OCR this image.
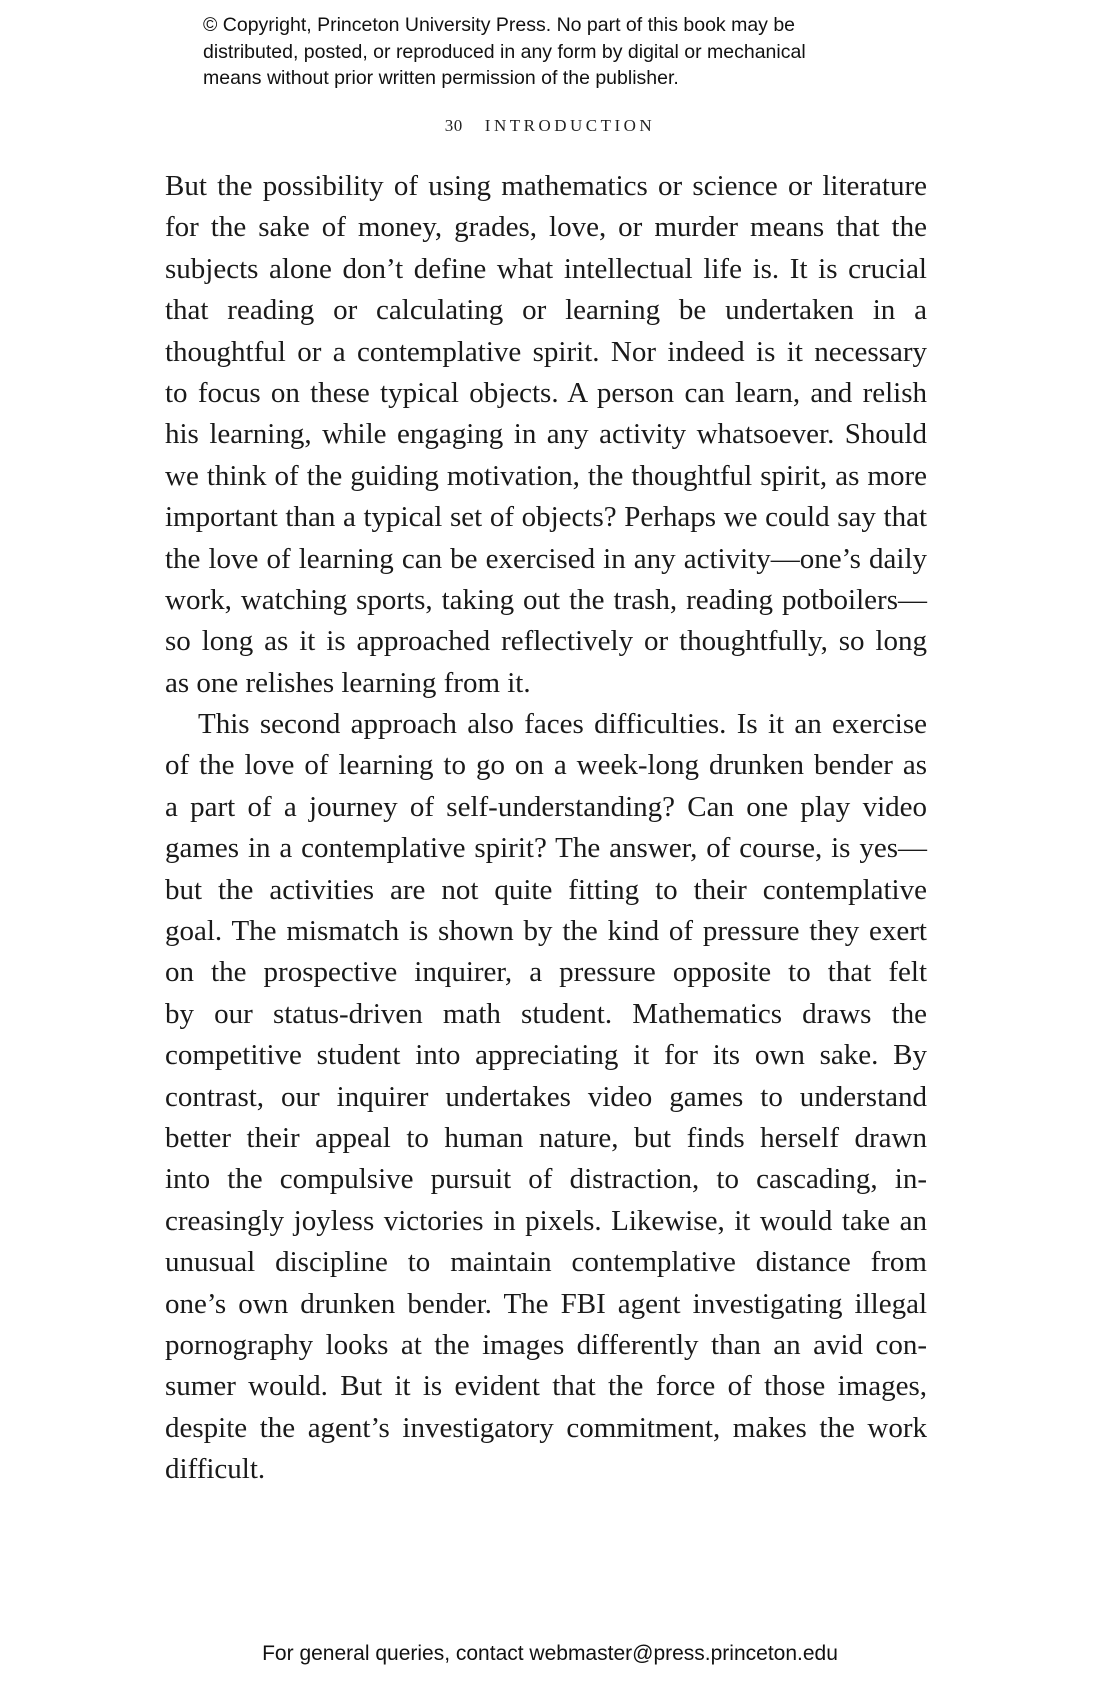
© Copyright, Princeton University Press. No part of this book may be
distributed, posted, or reproduced in any form by digital or mechanical
means without prior written permission of the publisher.
30 INTRODUCTION
But the possibility of using mathematics or science or literature
for the sake of money, grades, love, or murder means that the
subjects alone don’t define what intellectual life is. It is crucial
that reading or calculating or learning be undertaken in a
thoughtful or a contemplative spirit. Nor indeed is it necessary
to focus on these typical objects. A person can learn, and relish
his learning, while engaging in any activity whatsoever. Should
we think of the guiding motivation, the thoughtful spirit, as more
important than a typical set of objects? Perhaps we could say that
the love of learning can be exercised in any activity—one’s daily
work, watching sports, taking out the trash, reading potboilers—
so long as it is approached reflectively or thoughtfully, so long
as one relishes learning from it.
This second approach also faces difficulties. Is it an exercise
of the love of learning to go on a week-long drunken bender as
a part of a journey of self-understanding? Can one play video
games in a contemplative spirit? The answer, of course, is yes—
but the activities are not quite fitting to their contemplative
goal. The mismatch is shown by the kind of pressure they exert
on the prospective inquirer, a pressure opposite to that felt
by our status-driven math student. Mathematics draws the
competitive student into appreciating it for its own sake. By
contrast, our inquirer undertakes video games to understand
better their appeal to human nature, but finds herself drawn
into the compulsive pursuit of distraction, to cascading, in-
creasingly joyless victories in pixels. Likewise, it would take an
unusual discipline to maintain contemplative distance from
one’s own drunken bender. The FBI agent investigating illegal
pornography looks at the images differently than an avid con-
sumer would. But it is evident that the force of those images,
despite the agent’s investigatory commitment, makes the work
difficult.
For general queries, contact webmaster@press.princeton.edu
